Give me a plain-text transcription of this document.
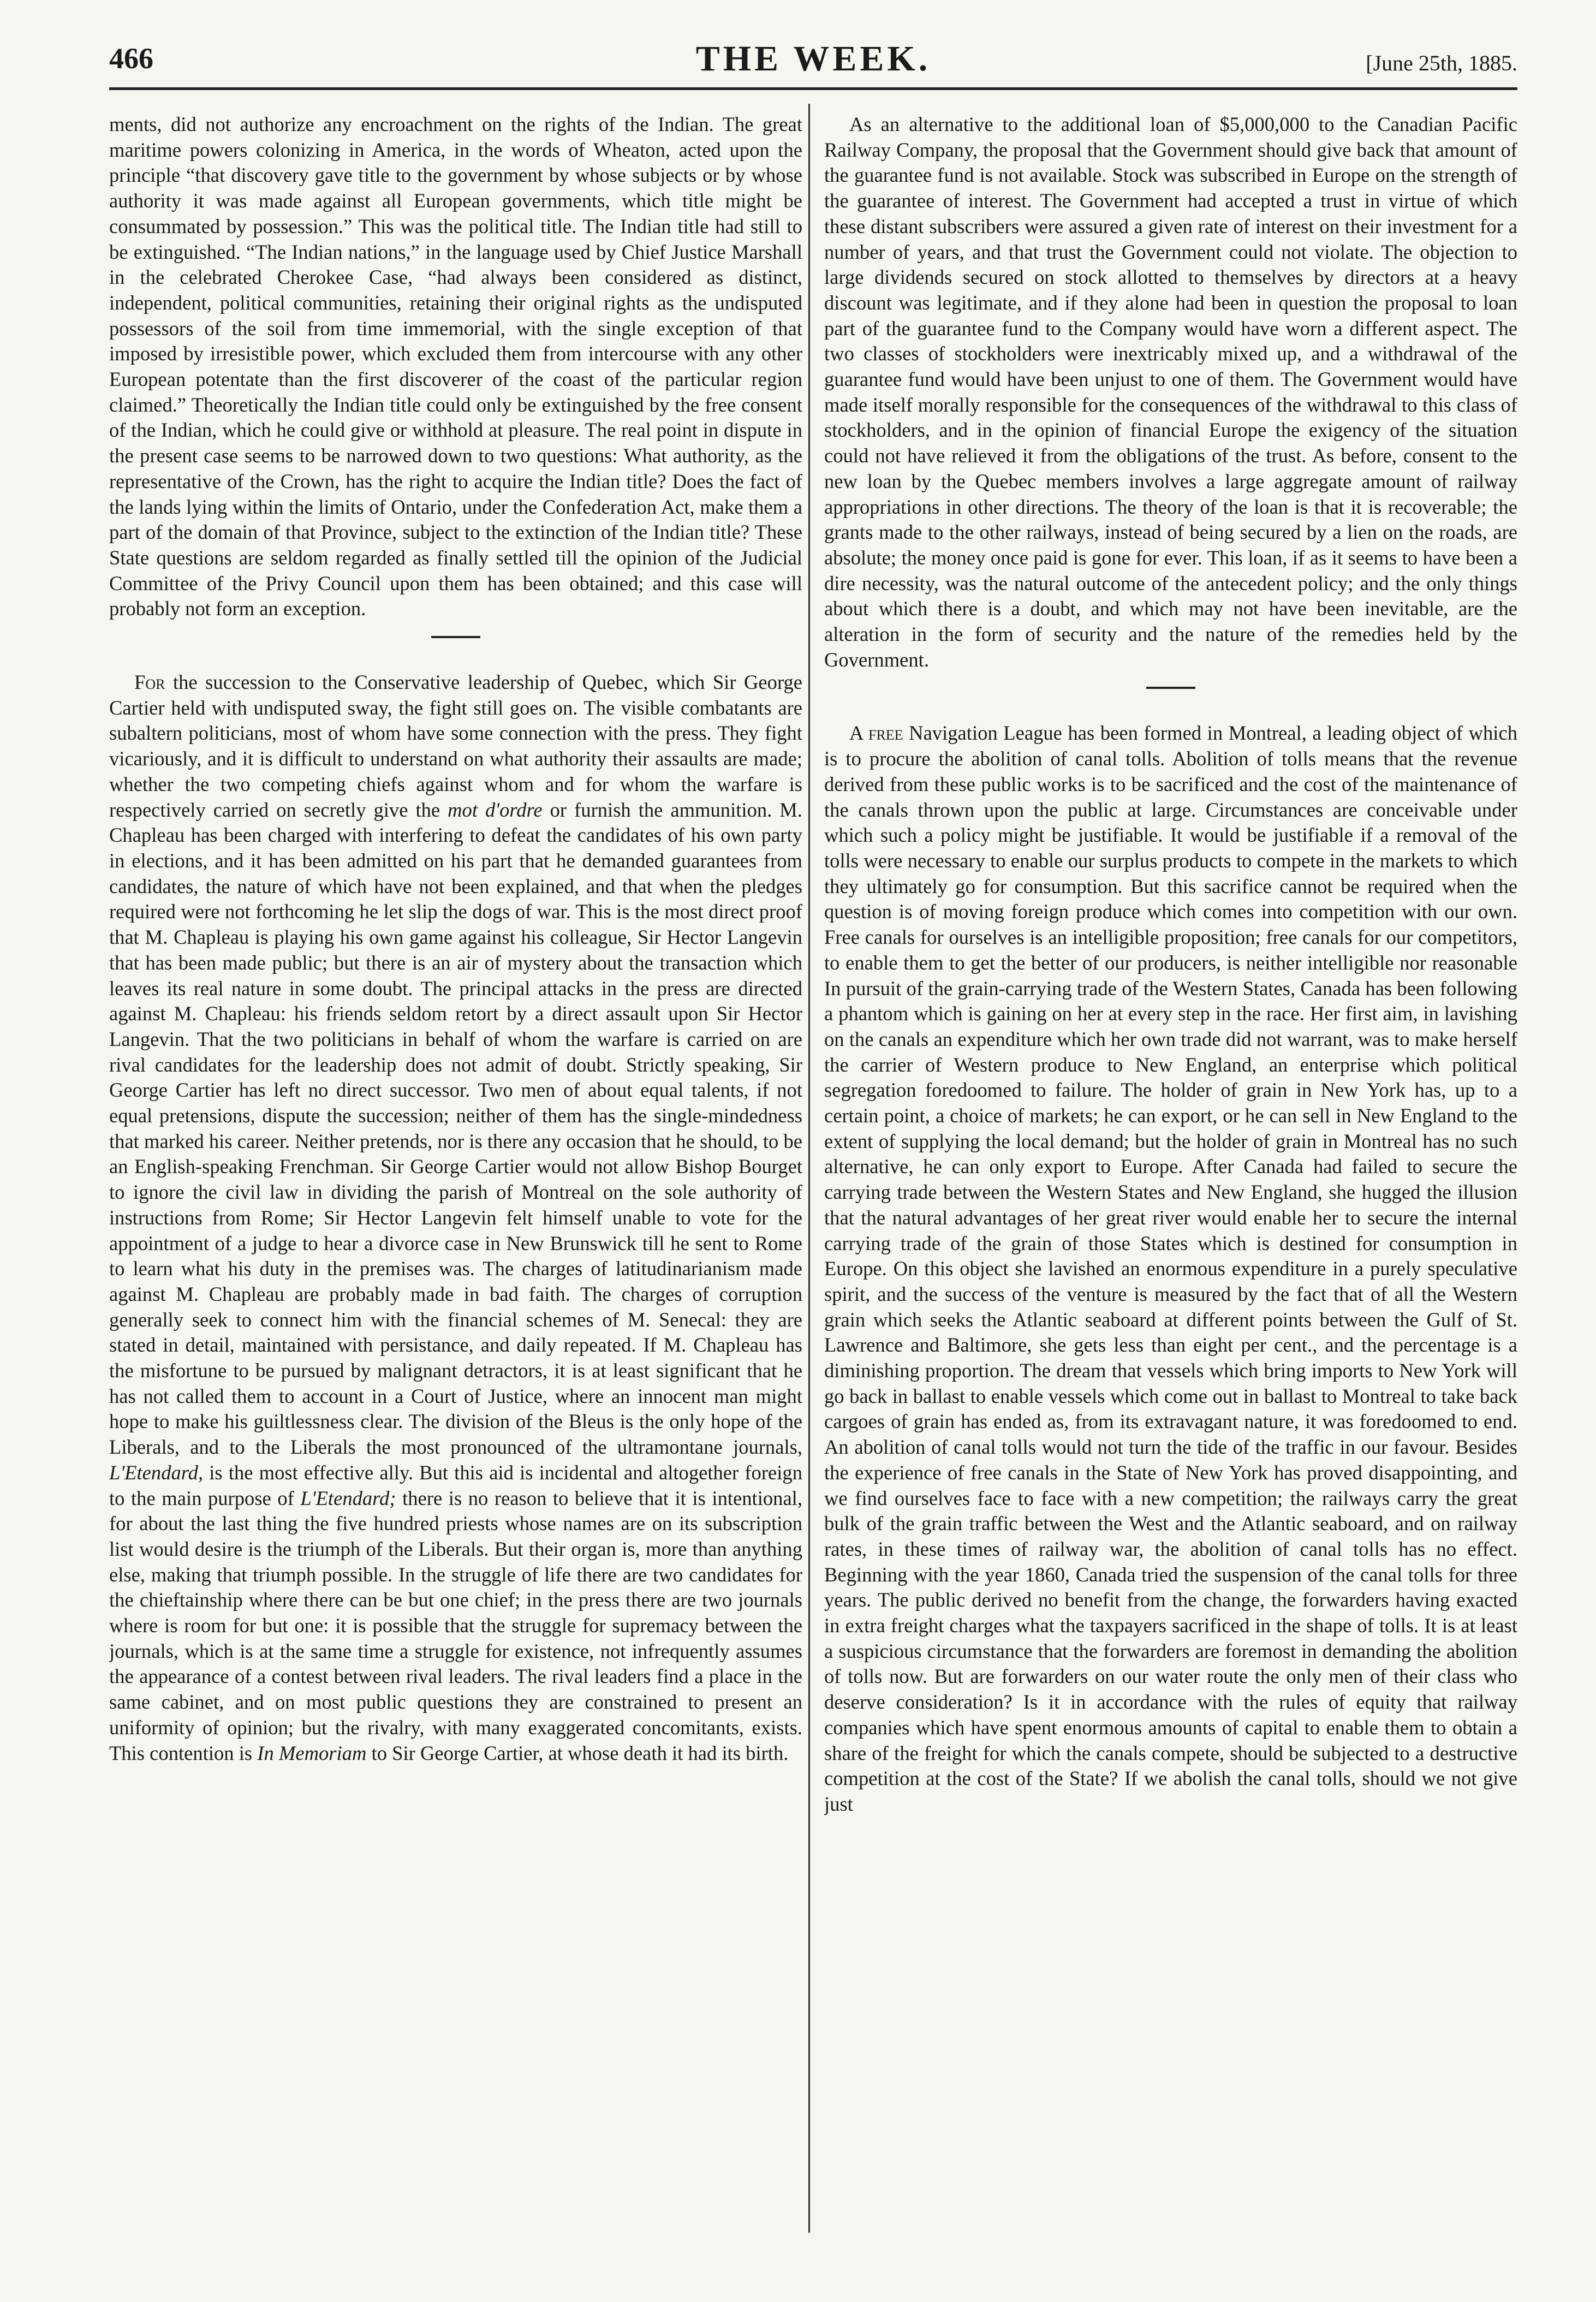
466	THE WEEK.	[June 25th, 1885.

ments, did not authorize any encroachment on the rights of the Indian. The great maritime powers colonizing in America, in the words of Wheaton, acted upon the principle “that discovery gave title to the government by whose subjects or by whose authority it was made against all European governments, which title might be consummated by possession.” This was the political title. The Indian title had still to be extinguished. “The Indian nations,” in the language used by Chief Justice Marshall in the celebrated Cherokee Case, “had always been considered as distinct, independent, political communities, retaining their original rights as the undisputed possessors of the soil from time immemorial, with the single exception of that imposed by irresistible power, which excluded them from intercourse with any other European potentate than the first discoverer of the coast of the particular region claimed.” Theoretically the Indian title could only be extinguished by the free consent of the Indian, which he could give or withhold at pleasure. The real point in dispute in the present case seems to be narrowed down to two questions: What authority, as the representative of the Crown, has the right to acquire the Indian title? Does the fact of the lands lying within the limits of Ontario, under the Confederation Act, make them a part of the domain of that Province, subject to the extinction of the Indian title? These State questions are seldom regarded as finally settled till the opinion of the Judicial Committee of the Privy Council upon them has been obtained; and this case will probably not form an exception.

For the succession to the Conservative leadership of Quebec, which Sir George Cartier held with undisputed sway, the fight still goes on. The visible combatants are subaltern politicians, most of whom have some connection with the press. They fight vicariously, and it is difficult to understand on what authority their assaults are made; whether the two competing chiefs against whom and for whom the warfare is respectively carried on secretly give the mot d'ordre or furnish the ammunition. M. Chapleau has been charged with interfering to defeat the candidates of his own party in elections, and it has been admitted on his part that he demanded guarantees from candidates, the nature of which have not been explained, and that when the pledges required were not forthcoming he let slip the dogs of war. This is the most direct proof that M. Chapleau is playing his own game against his colleague, Sir Hector Langevin that has been made public; but there is an air of mystery about the transaction which leaves its real nature in some doubt. The principal attacks in the press are directed against M. Chapleau: his friends seldom retort by a direct assault upon Sir Hector Langevin. That the two politicians in behalf of whom the warfare is carried on are rival candidates for the leadership does not admit of doubt. Strictly speaking, Sir George Cartier has left no direct successor. Two men of about equal talents, if not equal pretensions, dispute the succession; neither of them has the single-mindedness that marked his career. Neither pretends, nor is there any occasion that he should, to be an English-speaking Frenchman. Sir George Cartier would not allow Bishop Bourget to ignore the civil law in dividing the parish of Montreal on the sole authority of instructions from Rome; Sir Hector Langevin felt himself unable to vote for the appointment of a judge to hear a divorce case in New Brunswick till he sent to Rome to learn what his duty in the premises was. The charges of latitudinarianism made against M. Chapleau are probably made in bad faith. The charges of corruption generally seek to connect him with the financial schemes of M. Senecal: they are stated in detail, maintained with persistance, and daily repeated. If M. Chapleau has the misfortune to be pursued by malignant detractors, it is at least significant that he has not called them to account in a Court of Justice, where an innocent man might hope to make his guiltlessness clear. The division of the Bleus is the only hope of the Liberals, and to the Liberals the most pronounced of the ultramontane journals, L'Etendard, is the most effective ally. But this aid is incidental and altogether foreign to the main purpose of L'Etendard; there is no reason to believe that it is intentional, for about the last thing the five hundred priests whose names are on its subscription list would desire is the triumph of the Liberals. But their organ is, more than anything else, making that triumph possible. In the struggle of life there are two candidates for the chieftainship where there can be but one chief; in the press there are two journals where is room for but one: it is possible that the struggle for supremacy between the journals, which is at the same time a struggle for existence, not infrequently assumes the appearance of a contest between rival leaders. The rival leaders find a place in the same cabinet, and on most public questions they are constrained to present an uniformity of opinion; but the rivalry, with many exaggerated concomitants, exists. This contention is In Memoriam to Sir George Cartier, at whose death it had its birth.

As an alternative to the additional loan of $5,000,000 to the Canadian Pacific Railway Company, the proposal that the Government should give back that amount of the guarantee fund is not available. Stock was subscribed in Europe on the strength of the guarantee of interest. The Government had accepted a trust in virtue of which these distant subscribers were assured a given rate of interest on their investment for a number of years, and that trust the Government could not violate. The objection to large dividends secured on stock allotted to themselves by directors at a heavy discount was legitimate, and if they alone had been in question the proposal to loan part of the guarantee fund to the Company would have worn a different aspect. The two classes of stockholders were inextricably mixed up, and a withdrawal of the guarantee fund would have been unjust to one of them. The Government would have made itself morally responsible for the consequences of the withdrawal to this class of stockholders, and in the opinion of financial Europe the exigency of the situation could not have relieved it from the obligations of the trust. As before, consent to the new loan by the Quebec members involves a large aggregate amount of railway appropriations in other directions. The theory of the loan is that it is recoverable; the grants made to the other railways, instead of being secured by a lien on the roads, are absolute; the money once paid is gone for ever. This loan, if as it seems to have been a dire necessity, was the natural outcome of the antecedent policy; and the only things about which there is a doubt, and which may not have been inevitable, are the alteration in the form of security and the nature of the remedies held by the Government.

A free Navigation League has been formed in Montreal, a leading object of which is to procure the abolition of canal tolls. Abolition of tolls means that the revenue derived from these public works is to be sacrificed and the cost of the maintenance of the canals thrown upon the public at large. Circumstances are conceivable under which such a policy might be justifiable. It would be justifiable if a removal of the tolls were necessary to enable our surplus products to compete in the markets to which they ultimately go for consumption. But this sacrifice cannot be required when the question is of moving foreign produce which comes into competition with our own. Free canals for ourselves is an intelligible proposition; free canals for our competitors, to enable them to get the better of our producers, is neither intelligible nor reasonable In pursuit of the grain-carrying trade of the Western States, Canada has been following a phantom which is gaining on her at every step in the race. Her first aim, in lavishing on the canals an expenditure which her own trade did not warrant, was to make herself the carrier of Western produce to New England, an enterprise which political segregation foredoomed to failure. The holder of grain in New York has, up to a certain point, a choice of markets; he can export, or he can sell in New England to the extent of supplying the local demand; but the holder of grain in Montreal has no such alternative, he can only export to Europe. After Canada had failed to secure the carrying trade between the Western States and New England, she hugged the illusion that the natural advantages of her great river would enable her to secure the internal carrying trade of the grain of those States which is destined for consumption in Europe. On this object she lavished an enormous expenditure in a purely speculative spirit, and the success of the venture is measured by the fact that of all the Western grain which seeks the Atlantic seaboard at different points between the Gulf of St. Lawrence and Baltimore, she gets less than eight per cent., and the percentage is a diminishing proportion. The dream that vessels which bring imports to New York will go back in ballast to enable vessels which come out in ballast to Montreal to take back cargoes of grain has ended as, from its extravagant nature, it was foredoomed to end. An abolition of canal tolls would not turn the tide of the traffic in our favour. Besides the experience of free canals in the State of New York has proved disappointing, and we find ourselves face to face with a new competition; the railways carry the great bulk of the grain traffic between the West and the Atlantic seaboard, and on railway rates, in these times of railway war, the abolition of canal tolls has no effect. Beginning with the year 1860, Canada tried the suspension of the canal tolls for three years. The public derived no benefit from the change, the forwarders having exacted in extra freight charges what the taxpayers sacrificed in the shape of tolls. It is at least a suspicious circumstance that the forwarders are foremost in demanding the abolition of tolls now. But are forwarders on our water route the only men of their class who deserve consideration? Is it in accordance with the rules of equity that railway companies which have spent enormous amounts of capital to enable them to obtain a share of the freight for which the canals compete, should be subjected to a destructive competition at the cost of the State? If we abolish the canal tolls, should we not give just
